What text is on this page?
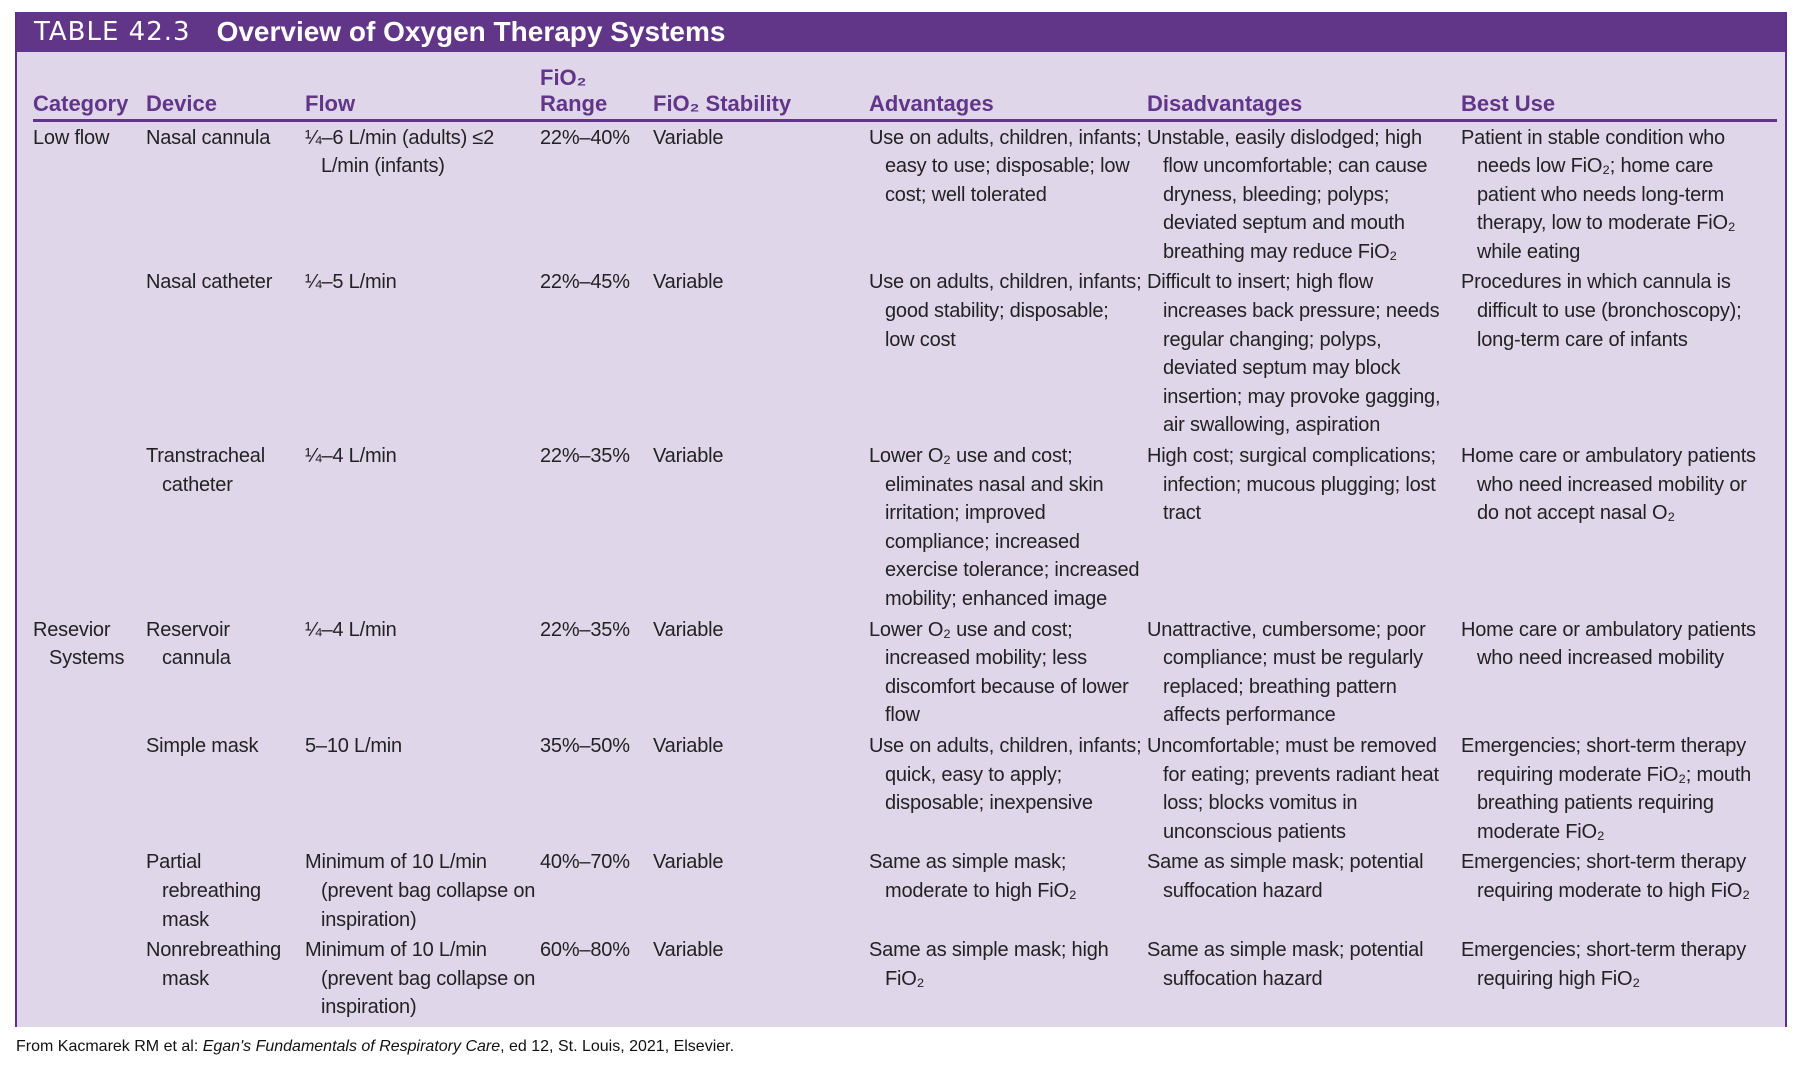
TABLE 42.3 Overview of Oxygen Therapy Systems
Category	Device	Flow	FiO₂ Range	FiO₂ Stability	Advantages	Disadvantages	Best Use

Low flow	Nasal cannula	¼–6 L/min (adults) ≤2 L/min (infants)	22%–40%	Variable	Use on adults, children, infants; easy to use; disposable; low cost; well tolerated	Unstable, easily dislodged; high flow uncomfortable; can cause dryness, bleeding; polyps; deviated septum and mouth breathing may reduce FiO₂	Patient in stable condition who needs low FiO₂; home care patient who needs long-term therapy, low to moderate FiO₂ while eating

	Nasal catheter	¼–5 L/min	22%–45%	Variable	Use on adults, children, infants; good stability; disposable; low cost	Difficult to insert; high flow increases back pressure; needs regular changing; polyps, deviated septum may block insertion; may provoke gagging, air swallowing, aspiration	Procedures in which cannula is difficult to use (bronchoscopy); long-term care of infants

	Transtracheal catheter	¼–4 L/min	22%–35%	Variable	Lower O₂ use and cost; eliminates nasal and skin irritation; improved compliance; increased exercise tolerance; increased mobility; enhanced image	High cost; surgical complications; infection; mucous plugging; lost tract	Home care or ambulatory patients who need increased mobility or do not accept nasal O₂

Resevior Systems	Reservoir cannula	¼–4 L/min	22%–35%	Variable	Lower O₂ use and cost; increased mobility; less discomfort because of lower flow	Unattractive, cumbersome; poor compliance; must be regularly replaced; breathing pattern affects performance	Home care or ambulatory patients who need increased mobility

	Simple mask	5–10 L/min	35%–50%	Variable	Use on adults, children, infants; quick, easy to apply; disposable; inexpensive	Uncomfortable; must be removed for eating; prevents radiant heat loss; blocks vomitus in unconscious patients	Emergencies; short-term therapy requiring moderate FiO₂; mouth breathing patients requiring moderate FiO₂

	Partial rebreathing mask	Minimum of 10 L/min (prevent bag collapse on inspiration)	40%–70%	Variable	Same as simple mask; moderate to high FiO₂	Same as simple mask; potential suffocation hazard	Emergencies; short-term therapy requiring moderate to high FiO₂

	Nonrebreathing mask	Minimum of 10 L/min (prevent bag collapse on inspiration)	60%–80%	Variable	Same as simple mask; high FiO₂	Same as simple mask; potential suffocation hazard	Emergencies; short-term therapy requiring high FiO₂
From Kacmarek RM et al: Egan's Fundamentals of Respiratory Care, ed 12, St. Louis, 2021, Elsevier.
